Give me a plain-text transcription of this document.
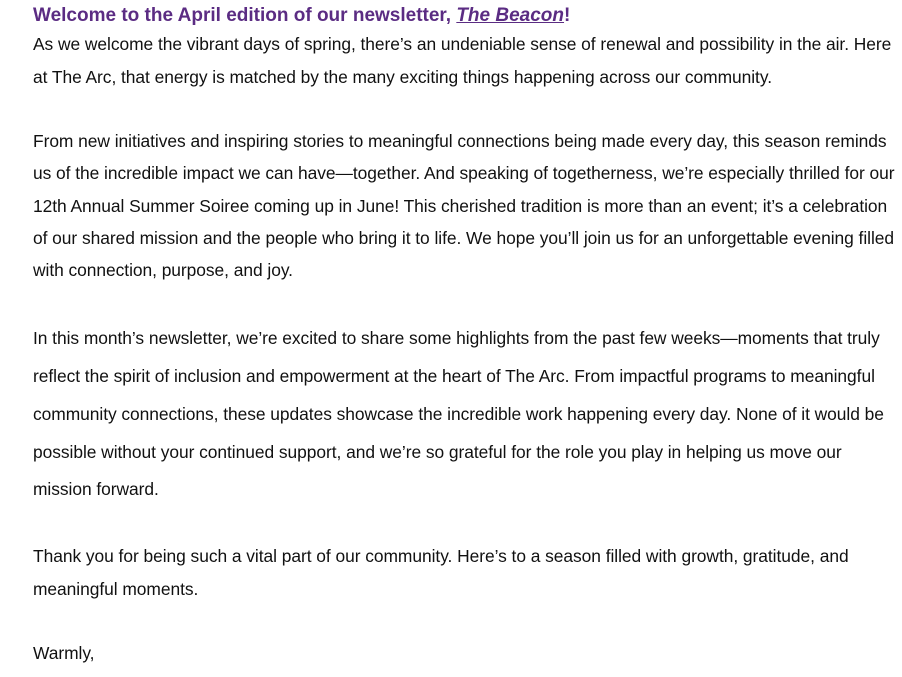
Welcome to the April edition of our newsletter, The Beacon!

As we welcome the vibrant days of spring, there’s an undeniable sense of renewal and possibility in the air. Here at The Arc, that energy is matched by the many exciting things happening across our community.

From new initiatives and inspiring stories to meaningful connections being made every day, this season reminds us of the incredible impact we can have—together. And speaking of togetherness, we’re especially thrilled for our 12th Annual Summer Soiree coming up in June! This cherished tradition is more than an event; it’s a celebration of our shared mission and the people who bring it to life. We hope you’ll join us for an unforgettable evening filled with connection, purpose, and joy.

In this month’s newsletter, we’re excited to share some highlights from the past few weeks—moments that truly reflect the spirit of inclusion and empowerment at the heart of The Arc. From impactful programs to meaningful community connections, these updates showcase the incredible work happening every day. None of it would be possible without your continued support, and we’re so grateful for the role you play in helping us move our mission forward.

Thank you for being such a vital part of our community. Here’s to a season filled with growth, gratitude, and meaningful moments.

Warmly,
